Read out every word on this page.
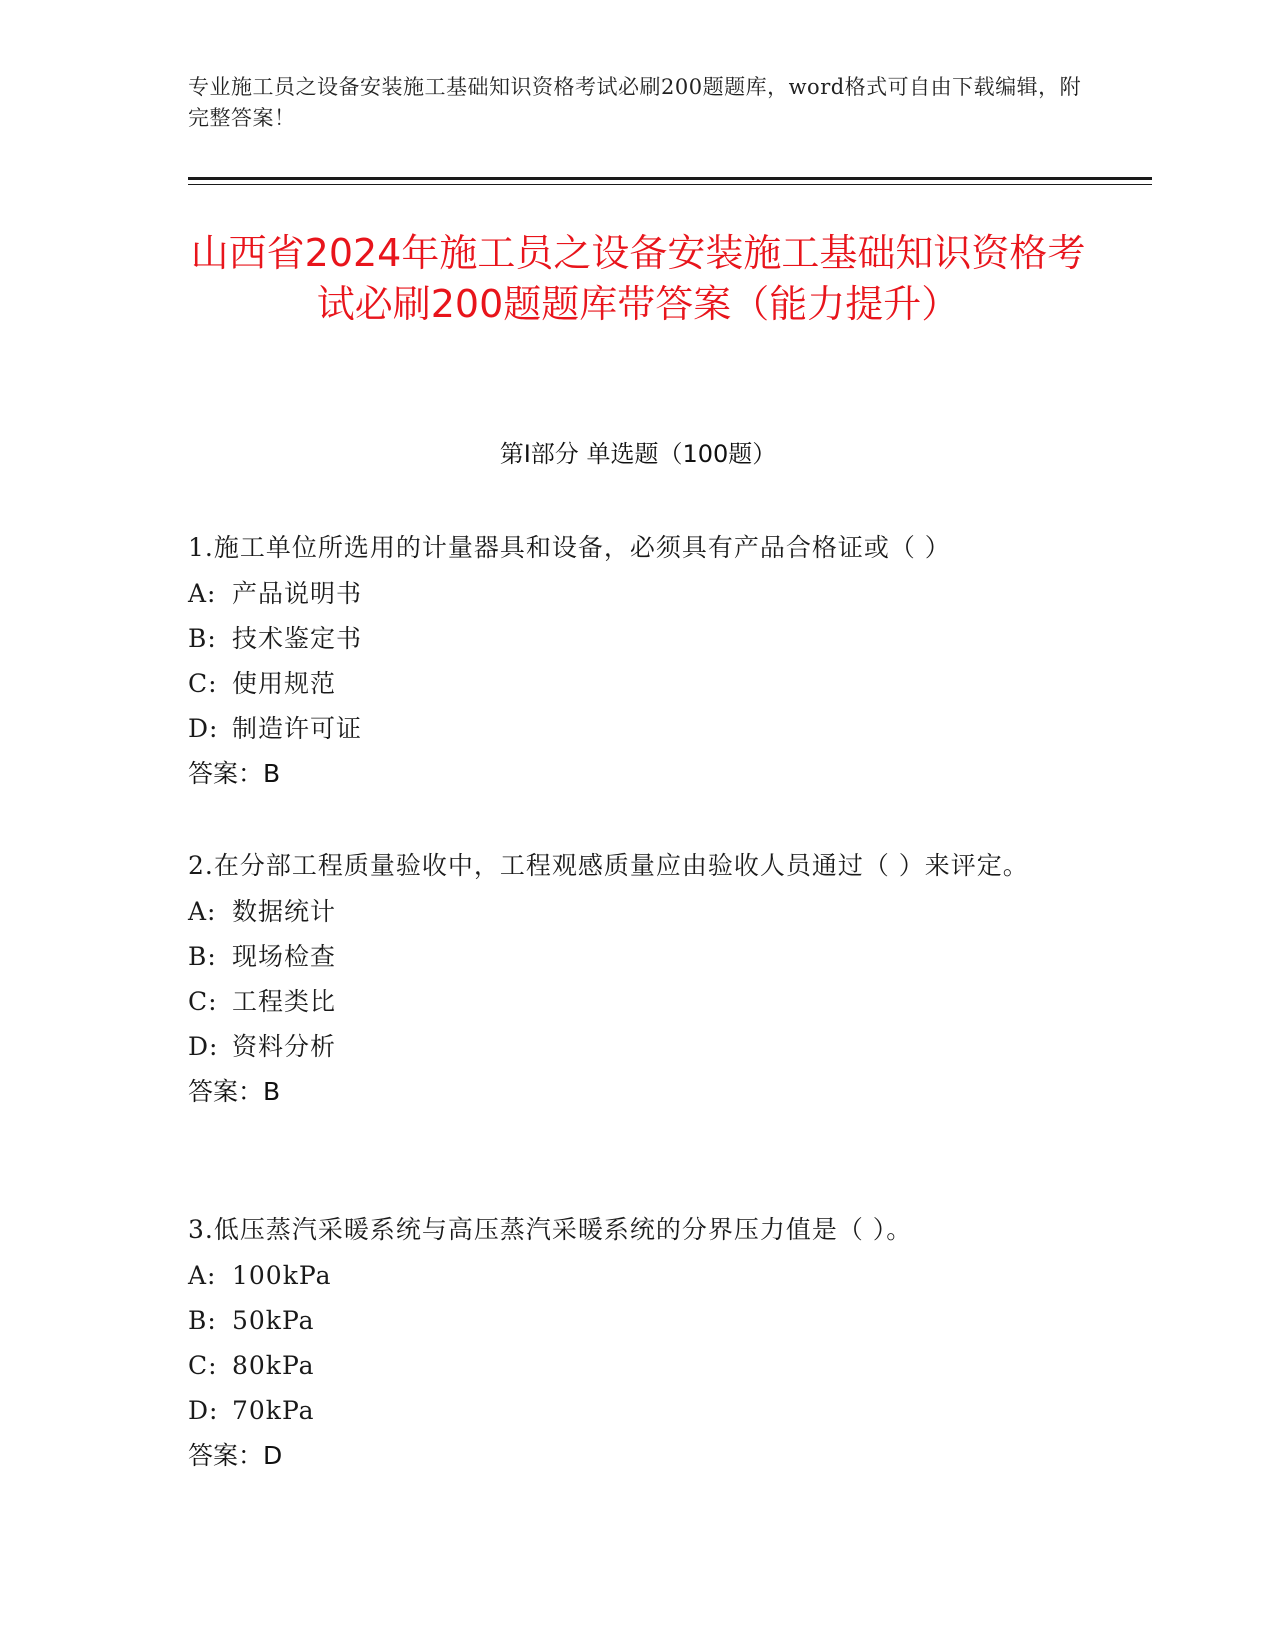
专业施工员之设备安装施工基础知识资格考试必刷200题题库，word格式可自由下载编辑，附完整答案！
山西省2024年施工员之设备安装施工基础知识资格考试必刷200题题库带答案（能力提升）
第Ⅰ部分 单选题（100题）
1.施工单位所选用的计量器具和设备，必须具有产品合格证或（ ）
A: 产品说明书
B: 技术鉴定书
C: 使用规范
D: 制造许可证
答案：B
2.在分部工程质量验收中，工程观感质量应由验收人员通过（ ）来评定。
A: 数据统计
B: 现场检查
C: 工程类比
D: 资料分析
答案：B
3.低压蒸汽采暖系统与高压蒸汽采暖系统的分界压力值是（ ）。
A: 100kPa
B: 50kPa
C: 80kPa
D: 70kPa
答案：D
